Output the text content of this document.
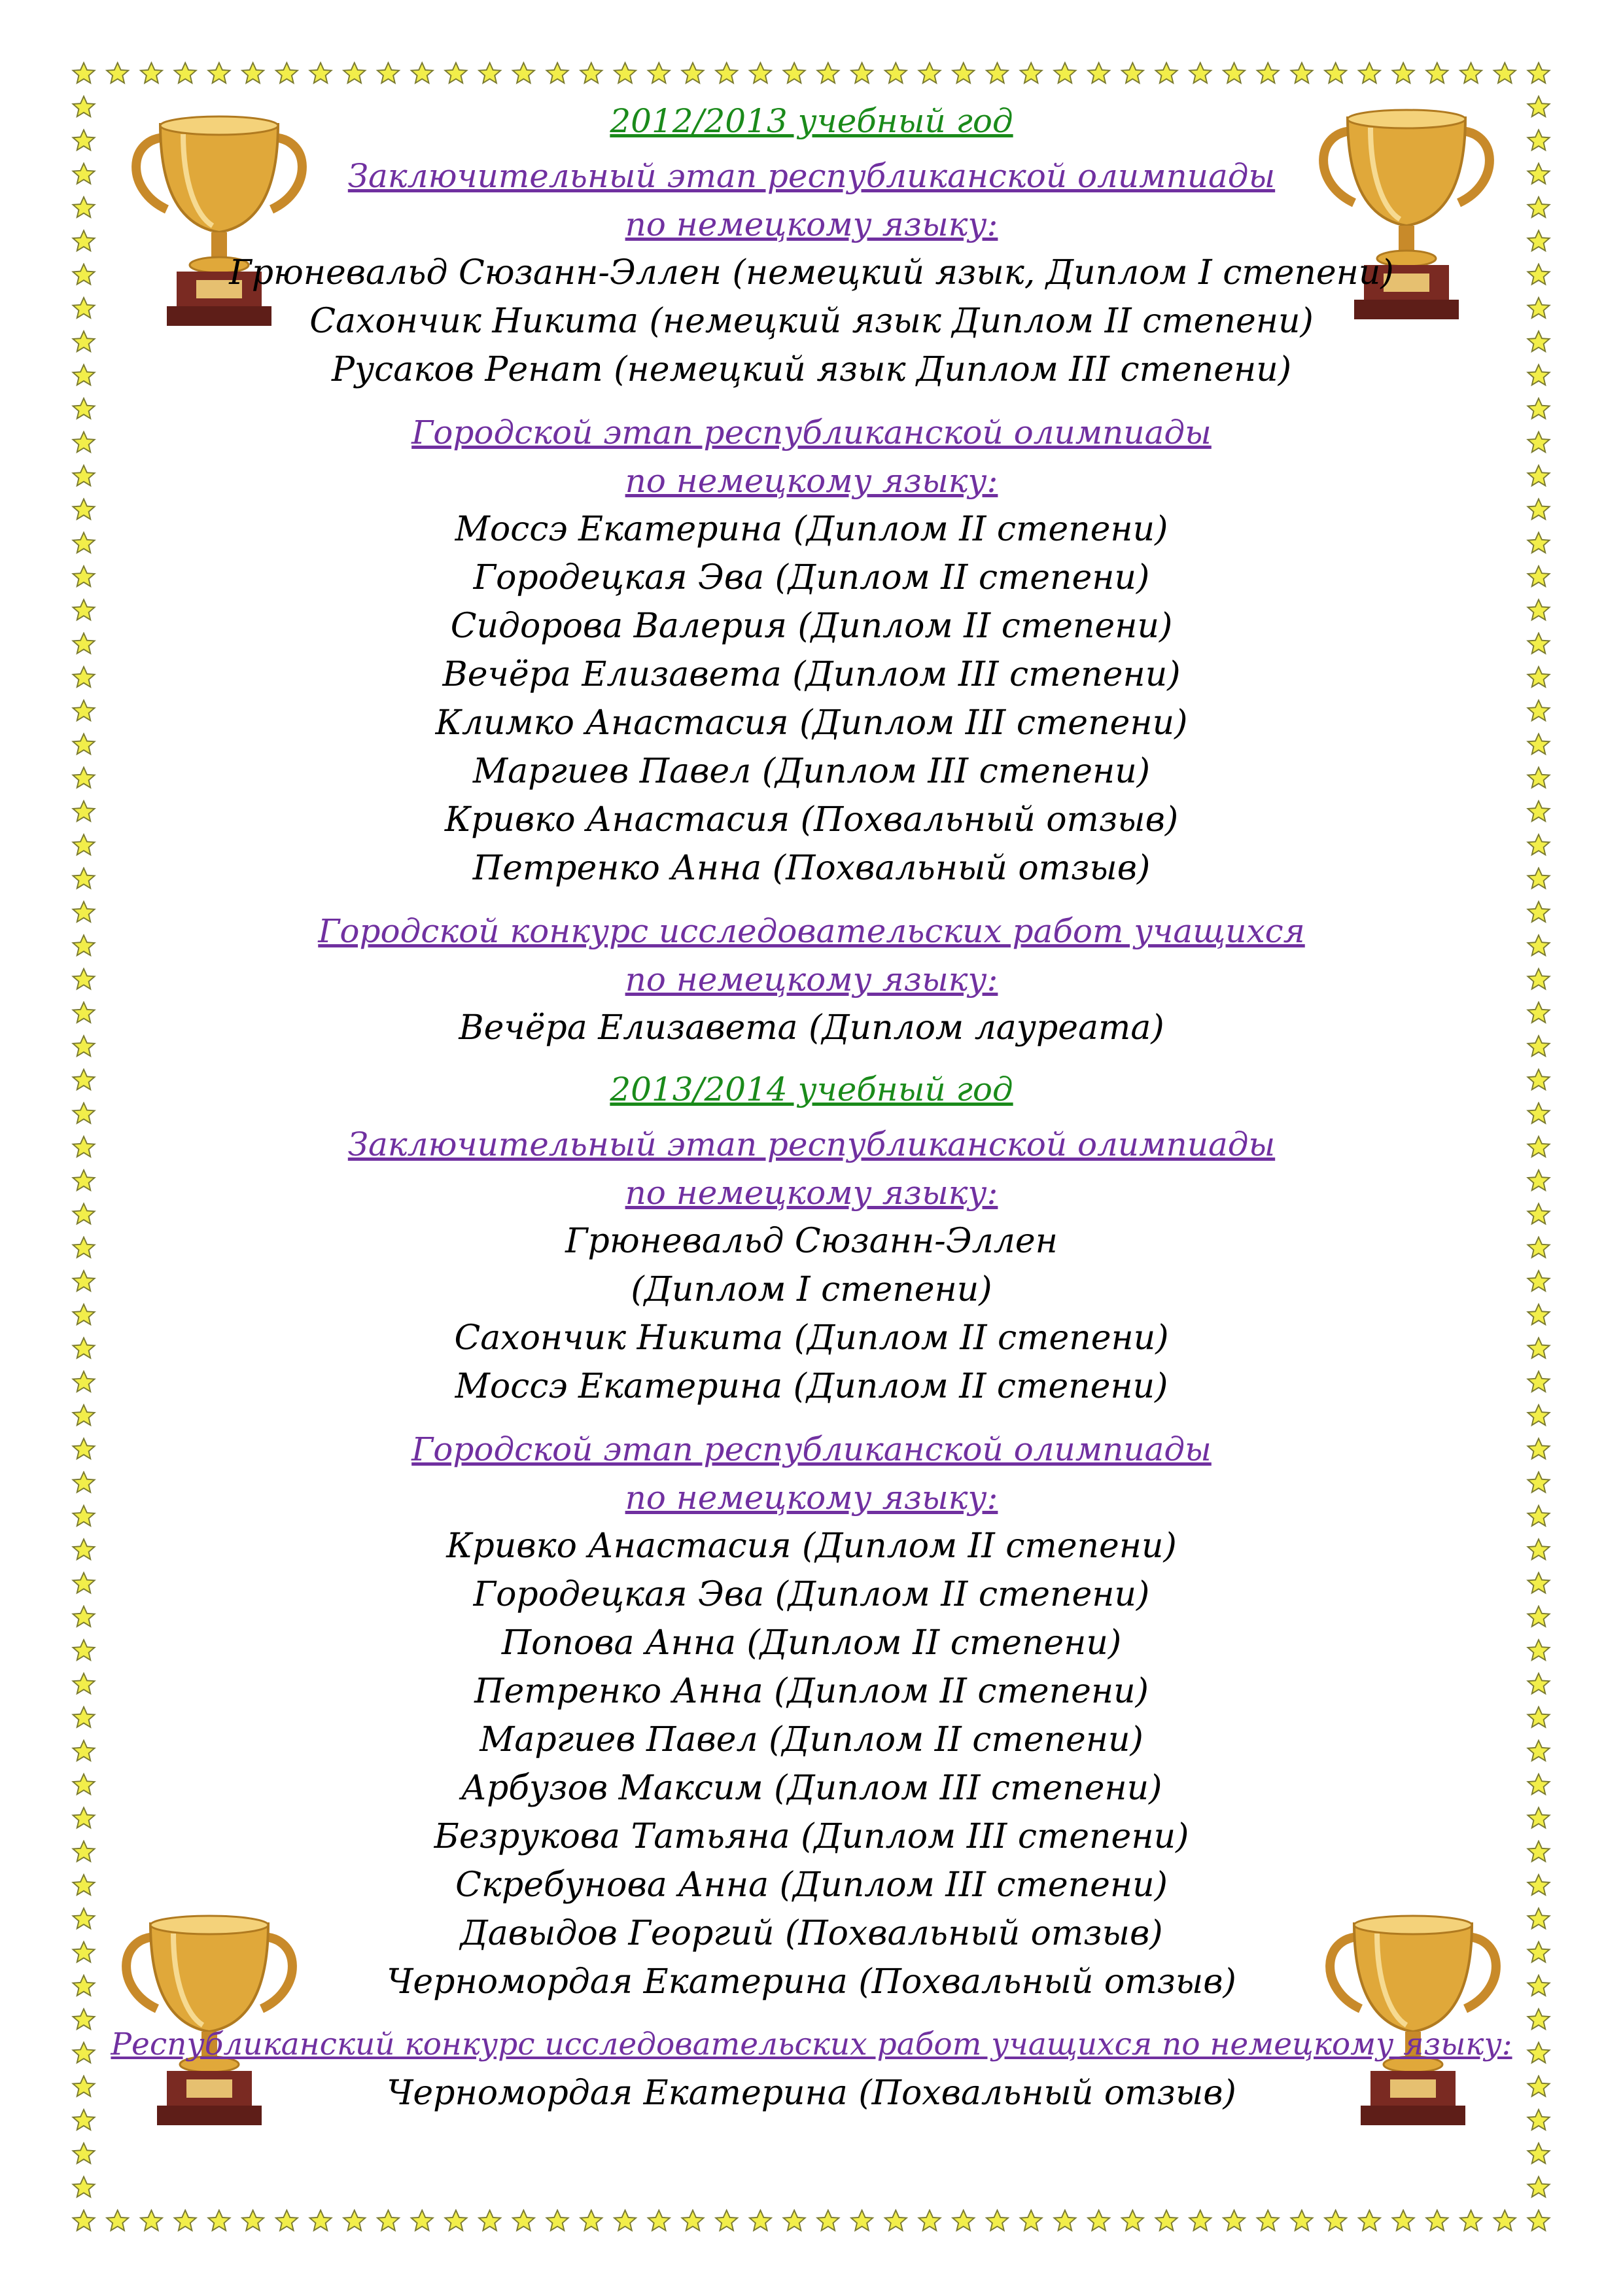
2012/2013 учебный год
Заключительный этап республиканской олимпиады
по немецкому языку:
Грюневальд Сюзанн-Эллен (немецкий язык, Диплом I степени)
Сахончик Никита (немецкий язык Диплом II степени)
Русаков Ренат (немецкий язык Диплом III степени)
Городской этап республиканской олимпиады
по немецкому языку:
Моссэ Екатерина (Диплом II степени)
Городецкая Эва (Диплом II степени)
Сидорова Валерия (Диплом II степени)
Вечёра Елизавета (Диплом III степени)
Климко Анастасия (Диплом III степени)
Маргиев Павел (Диплом III степени)
Кривко Анастасия (Похвальный отзыв)
Петренко Анна (Похвальный отзыв)
Городской конкурс исследовательских работ учащихся
по немецкому языку:
Вечёра Елизавета (Диплом лауреата)
2013/2014 учебный год
Заключительный этап республиканской олимпиады
по немецкому языку:
Грюневальд Сюзанн-Эллен
(Диплом I степени)
Сахончик Никита (Диплом II степени)
Моссэ Екатерина (Диплом II степени)
Городской этап республиканской олимпиады
по немецкому языку:
Кривко Анастасия (Диплом II степени)
Городецкая Эва (Диплом II степени)
Попова Анна (Диплом II степени)
Петренко Анна (Диплом II степени)
Маргиев Павел (Диплом II степени)
Арбузов Максим (Диплом III степени)
Безрукова Татьяна (Диплом III степени)
Скребунова Анна (Диплом III степени)
Давыдов Георгий (Похвальный отзыв)
Черномордая Екатерина (Похвальный отзыв)
Республиканский конкурс исследовательских работ учащихся по немецкому языку:
Черномордая Екатерина (Похвальный отзыв)
